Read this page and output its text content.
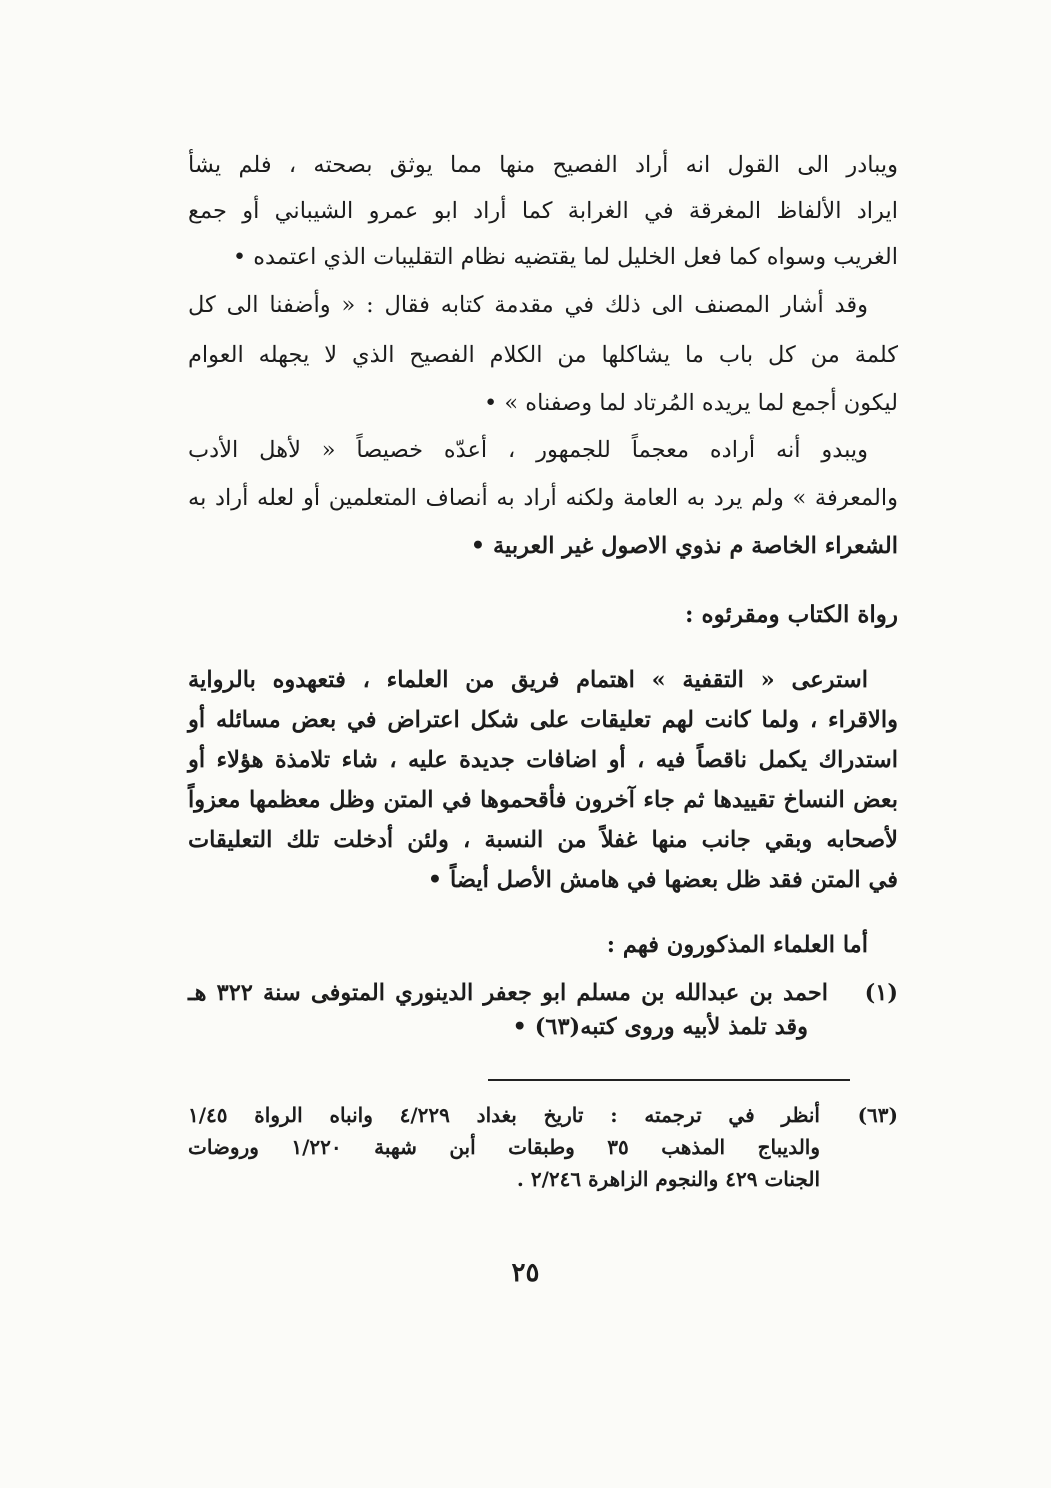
ويبادر الى القول انه أراد الفصيح منها مما يوثق بصحته ، فلم يشأ
ايراد الألفاظ المغرقة في الغرابة كما أراد ابو عمرو الشيباني أو جمع
الغريب وسواه كما فعل الخليل لما يقتضيه نظام التقليبات الذي اعتمده •
وقد أشار المصنف الى ذلك في مقدمة كتابه فقال : « وأضفنا الى كل
كلمة من كل باب ما يشاكلها من الكلام الفصيح الذي لا يجهله العوام
ليكون أجمع لما يريده المُرتاد لما وصفناه » •
ويبدو أنه أراده معجماً للجمهور ، أعدّه خصيصاً « لأهل الأدب
والمعرفة » ولم يرد به العامة ولكنه أراد به أنصاف المتعلمين أو لعله أراد به
الشعراء الخاصة م نذوي الاصول غير العربية •
رواة الكتاب ومقرئوه :
استرعى « التقفية » اهتمام فريق من العلماء ، فتعهدوه بالرواية
والاقراء ، ولما كانت لهم تعليقات على شكل اعتراض في بعض مسائله أو
استدراك يكمل ناقصاً فيه ، أو اضافات جديدة عليه ، شاء تلامذة هؤلاء أو
بعض النساخ تقييدها ثم جاء آخرون فأقحموها في المتن وظل معظمها معزواً
لأصحابه وبقي جانب منها غفلاً من النسبة ، ولئن أدخلت تلك التعليقات
في المتن فقد ظل بعضها في هامش الأصل أيضاً •
أما العلماء المذكورون فهم :
(١)
احمد بن عبدالله بن مسلم ابو جعفر الدينوري المتوفى سنة ٣٢٢ هـ
وقد تلمذ لأبيه وروى كتبه(٦٣) •
(٦٣)
أنظر في ترجمته : تاريخ بغداد ٤/٢٢٩ وانباه الرواة ١/٤٥
والديباج المذهب ٣٥ وطبقات أبن شهبة ١/٢٢٠ وروضات
الجنات ٤٢٩ والنجوم الزاهرة ٢/٢٤٦ .
٢٥
